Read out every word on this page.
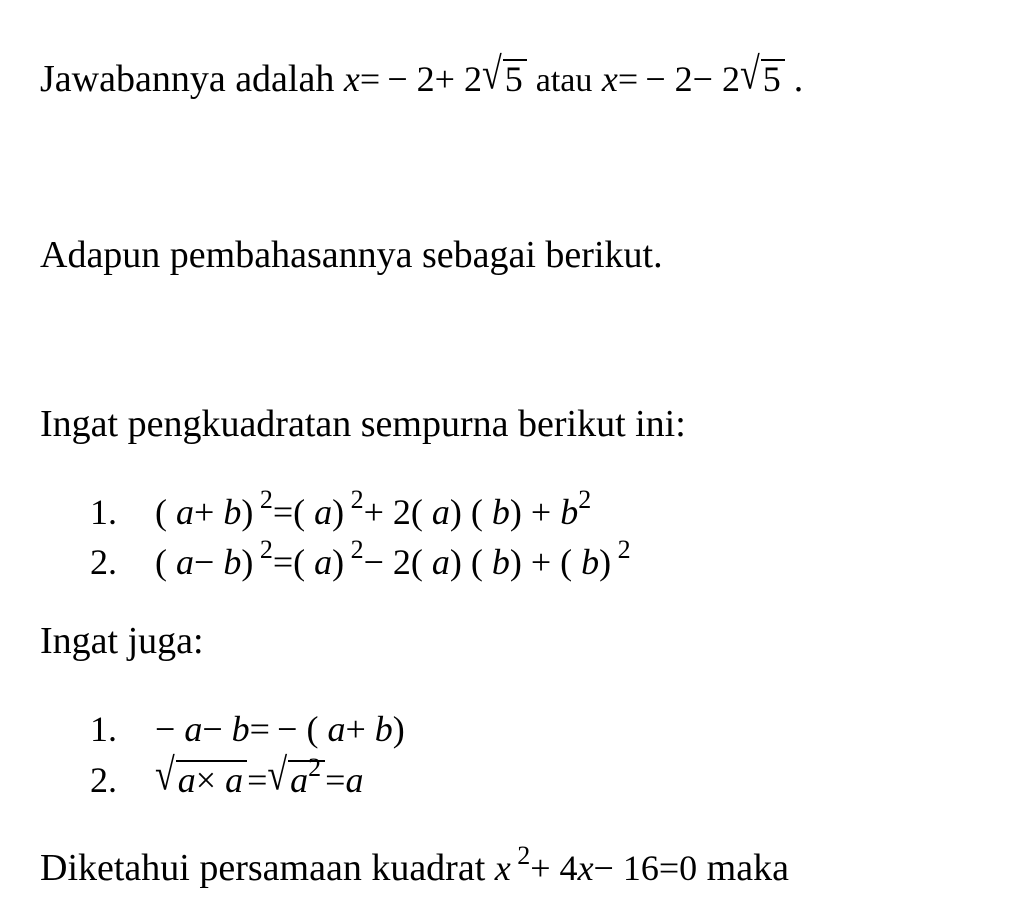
Jawabannya adalah x= − 2+ 2√5 atau x= − 2− 2√5 .
Adapun pembahasannya sebagai berikut.
Ingat pengkuadratan sempurna berikut ini:
1. ( a+ b) $^2$=( a) $^2$+ 2( a) ( $b) + b^2$
2. ( a− b) $^2$=( a) $^2$− 2( a) ( b) + ( b) $^2$
Ingat juga:
1. − a− b= − ( a+ b)
2. $√a\times a =√a^2 =a$
Diketahui persamaan kuadrat x $^2$+ 4x− 16=0 maka
